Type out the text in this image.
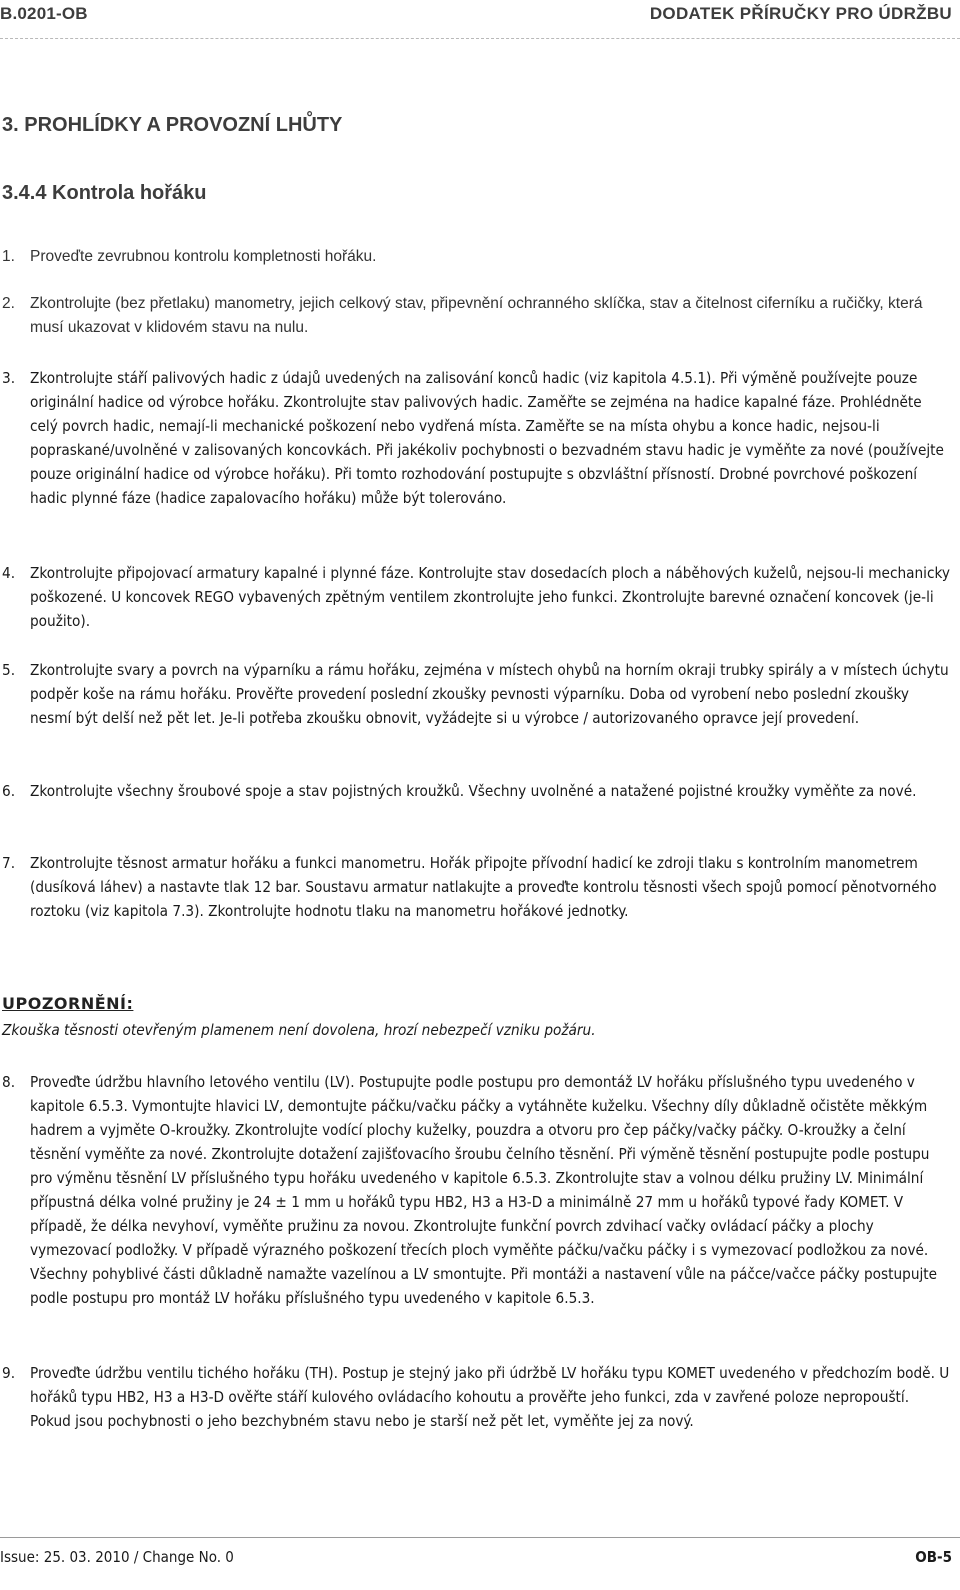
B.0201-OB	DODATEK PŘÍRUČKY PRO ÚDRŽBU
3. PROHLÍDKY A PROVOZNÍ LHŮTY
3.4.4 Kontrola hořáku
1. Proveďte zevrubnou kontrolu kompletnosti hořáku.
2. Zkontrolujte (bez přetlaku) manometry, jejich celkový stav, připevnění ochranného sklíčka, stav a čitelnost ciferníku a ručičky, která musí ukazovat v klidovém stavu na nulu.
3. Zkontrolujte stáří palivových hadic z údajů uvedených na zalisování konců hadic (viz kapitola 4.5.1). Při výměně používejte pouze originální hadice od výrobce hořáku. Zkontrolujte stav palivových hadic. Zaměřte se zejména na hadice kapalné fáze. Prohlédněte celý povrch hadic, nemají-li mechanické poškození nebo vydřená místa. Zaměřte se na místa ohybu a konce hadic, nejsou-li popraskané/uvolněné v zalisovaných koncovkách. Při jakékoliv pochybnosti o bezvadném stavu hadic je vyměňte za nové (používejte pouze originální hadice od výrobce hořáku). Při tomto rozhodování postupujte s obzvláštní přísností. Drobné povrchové poškození hadic plynné fáze (hadice zapalovacího hořáku) může být tolerováno.
4. Zkontrolujte připojovací armatury kapalné i plynné fáze. Kontrolujte stav dosedacích ploch a náběhových kuželů, nejsou-li mechanicky poškozené. U koncovek REGO vybavených zpětným ventilem zkontrolujte jeho funkci. Zkontrolujte barevné označení koncovek (je-li použito).
5. Zkontrolujte svary a povrch na výparníku a rámu hořáku, zejména v místech ohybů na horním okraji trubky spirály a v místech úchytu podpěr koše na rámu hořáku. Prověřte provedení poslední zkoušky pevnosti výparníku. Doba od vyrobení nebo poslední zkoušky nesmí být delší než pět let. Je-li potřeba zkoušku obnovit, vyžádejte si u výrobce / autorizovaného opravce její provedení.
6. Zkontrolujte všechny šroubové spoje a stav pojistných kroužků. Všechny uvolněné a natažené pojistné kroužky vyměňte za nové.
7. Zkontrolujte těsnost armatur hořáku a funkci manometru. Hořák připojte přívodní hadicí ke zdroji tlaku s kontrolním manometrem (dusíková láhev) a nastavte tlak 12 bar. Soustavu armatur natlakujte a proveďte kontrolu těsnosti všech spojů pomocí pěnotvorného roztoku (viz kapitola 7.3). Zkontrolujte hodnotu tlaku na manometru hořákové jednotky.
UPOZORNĚNÍ:
Zkouška těsnosti otevřeným plamenem není dovolena, hrozí nebezpečí vzniku požáru.
8. Proveďte údržbu hlavního letového ventilu (LV). Postupujte podle postupu pro demontáž LV hořáku příslušného typu uvedeného v kapitole 6.5.3. Vymontujte hlavici LV, demontujte páčku/vačku páčky a vytáhněte kuželku. Všechny díly důkladně očistěte měkkým hadrem a vyjměte O-kroužky. Zkontrolujte vodící plochy kuželky, pouzdra a otvoru pro čep páčky/vačky páčky. O-kroužky a čelní těsnění vyměňte za nové. Zkontrolujte dotažení zajišťovacího šroubu čelního těsnění. Při výměně těsnění postupujte podle postupu pro výměnu těsnění LV příslušného typu hořáku uvedeného v kapitole 6.5.3. Zkontrolujte stav a volnou délku pružiny LV. Minimální přípustná délka volné pružiny je 24 ± 1 mm u hořáků typu HB2, H3 a H3-D a minimálně 27 mm u hořáků typové řady KOMET. V případě, že délka nevyhoví, vyměňte pružinu za novou. Zkontrolujte funkční povrch zdvihací vačky ovládací páčky a plochy vymezovací podložky. V případě výrazného poškození třecích ploch vyměňte páčku/vačku páčky i s vymezovací podložkou za nové. Všechny pohyblivé části důkladně namažte vazelínou a LV smontujte. Při montáži a nastavení vůle na páčce/vačce páčky postupujte podle postupu pro montáž LV hořáku příslušného typu uvedeného v kapitole 6.5.3.
9. Proveďte údržbu ventilu tichého hořáku (TH). Postup je stejný jako při údržbě LV hořáku typu KOMET uvedeného v předchozím bodě. U hořáků typu HB2, H3 a H3-D ověřte stáří kulového ovládacího kohoutu a prověřte jeho funkci, zda v zavřené poloze nepropouští. Pokud jsou pochybnosti o jeho bezchybném stavu nebo je starší než pět let, vyměňte jej za nový.
Issue: 25. 03. 2010 / Change No. 0	OB-5
